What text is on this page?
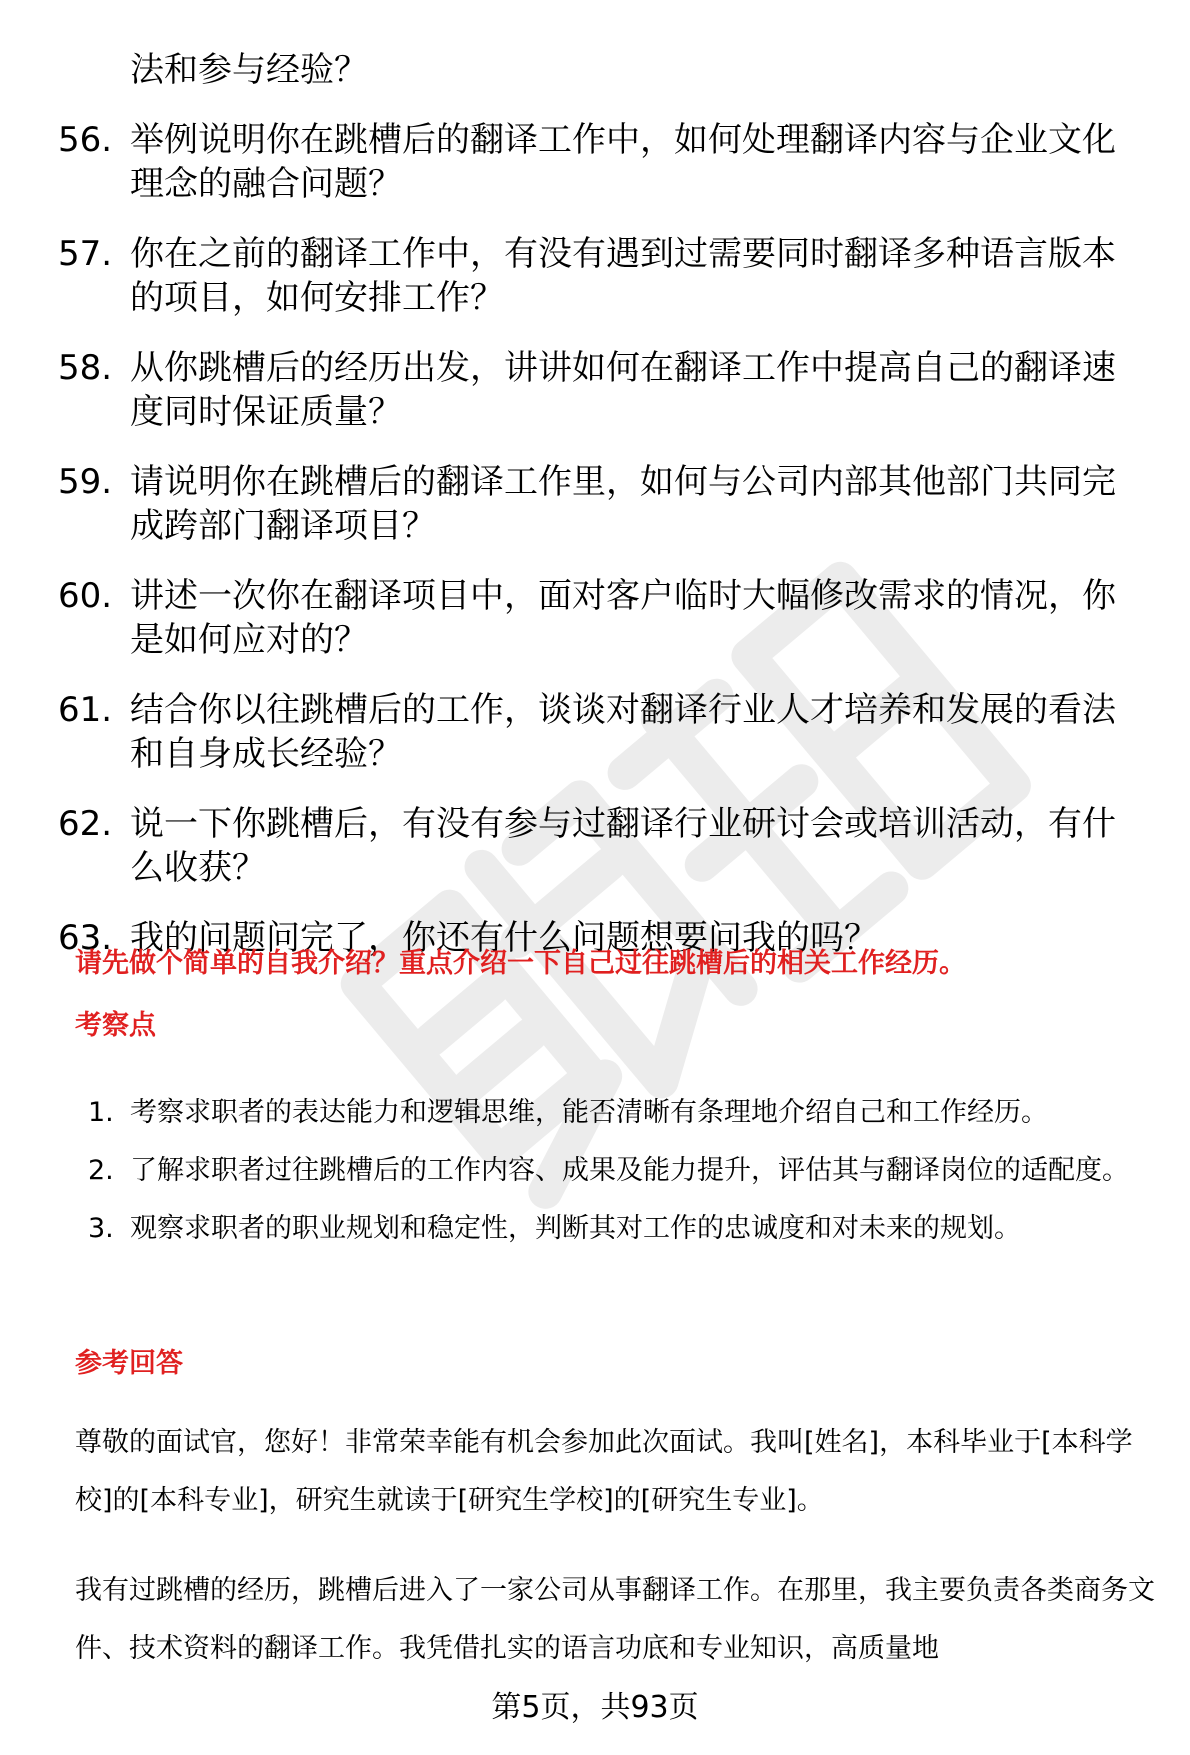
法和参与经验？
56. 举例说明你在跳槽后的翻译工作中，如何处理翻译内容与企业文化理念的融合问题？
57. 你在之前的翻译工作中，有没有遇到过需要同时翻译多种语言版本的项目，如何安排工作？
58. 从你跳槽后的经历出发，讲讲如何在翻译工作中提高自己的翻译速度同时保证质量？
59. 请说明你在跳槽后的翻译工作里，如何与公司内部其他部门共同完成跨部门翻译项目？
60. 讲述一次你在翻译项目中，面对客户临时大幅修改需求的情况，你是如何应对的？
61. 结合你以往跳槽后的工作，谈谈对翻译行业人才培养和发展的看法和自身成长经验？
62. 说一下你跳槽后，有没有参与过翻译行业研讨会或培训活动，有什么收获？
63. 我的问题问完了，你还有什么问题想要问我的吗？
请先做个简单的自我介绍？重点介绍一下自己过往跳槽后的相关工作经历。
考察点
1. 考察求职者的表达能力和逻辑思维，能否清晰有条理地介绍自己和工作经历。
2. 了解求职者过往跳槽后的工作内容、成果及能力提升，评估其与翻译岗位的适配度。
3. 观察求职者的职业规划和稳定性，判断其对工作的忠诚度和对未来的规划。
参考回答
尊敬的面试官，您好！非常荣幸能有机会参加此次面试。我叫[姓名]，本科毕业于[本科学校]的[本科专业]，研究生就读于[研究生学校]的[研究生专业]。
我有过跳槽的经历，跳槽后进入了一家公司从事翻译工作。在那里，我主要负责各类商务文件、技术资料的翻译工作。我凭借扎实的语言功底和专业知识，高质量地
第5页，共93页
